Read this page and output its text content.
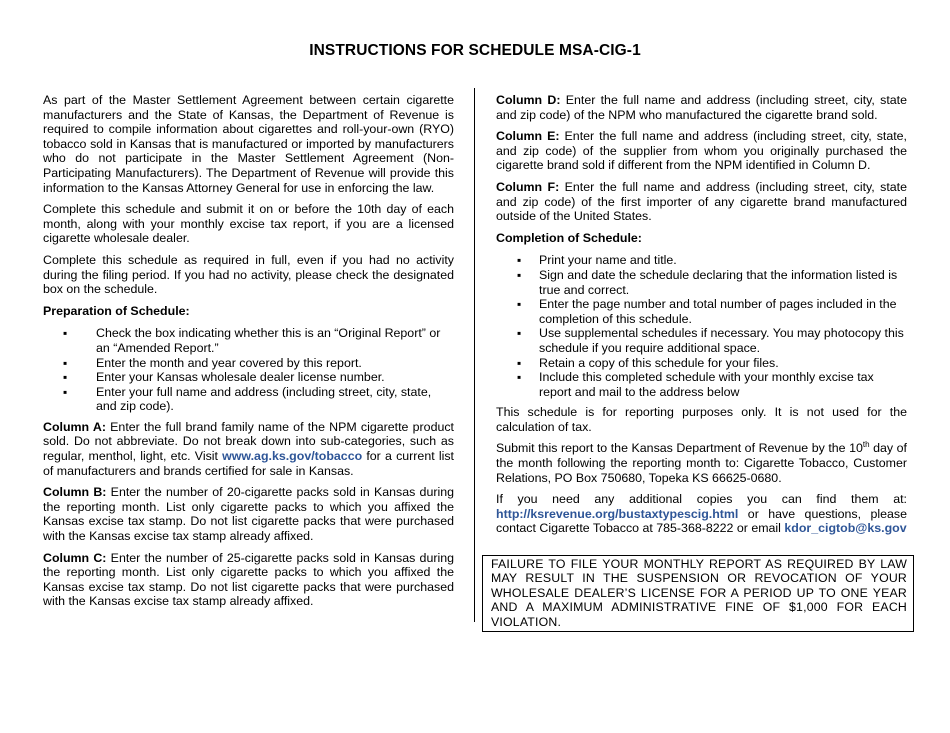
INSTRUCTIONS FOR SCHEDULE MSA-CIG-1

As part of the Master Settlement Agreement between certain cigarette manufacturers and the State of Kansas, the Department of Revenue is required to compile information about cigarettes and roll-your-own (RYO) tobacco sold in Kansas that is manufactured or imported by manufacturers who do not participate in the Master Settlement Agreement (Non-Participating Manufacturers). The Department of Revenue will provide this information to the Kansas Attorney General for use in enforcing the law.

Complete this schedule and submit it on or before the 10th day of each month, along with your monthly excise tax report, if you are a licensed cigarette wholesale dealer.

Complete this schedule as required in full, even if you had no activity during the filing period. If you had no activity, please check the designated box on the schedule.

Preparation of Schedule:

▪ Check the box indicating whether this is an “Original Report” or an “Amended Report.”
▪ Enter the month and year covered by this report.
▪ Enter your Kansas wholesale dealer license number.
▪ Enter your full name and address (including street, city, state, and zip code).

Column A: Enter the full brand family name of the NPM cigarette product sold. Do not abbreviate. Do not break down into sub-categories, such as regular, menthol, light, etc. Visit www.ag.ks.gov/tobacco for a current list of manufacturers and brands certified for sale in Kansas.

Column B: Enter the number of 20-cigarette packs sold in Kansas during the reporting month. List only cigarette packs to which you affixed the Kansas excise tax stamp. Do not list cigarette packs that were purchased with the Kansas excise tax stamp already affixed.

Column C: Enter the number of 25-cigarette packs sold in Kansas during the reporting month. List only cigarette packs to which you affixed the Kansas excise tax stamp. Do not list cigarette packs that were purchased with the Kansas excise tax stamp already affixed.

Column D: Enter the full name and address (including street, city, state and zip code) of the NPM who manufactured the cigarette brand sold.

Column E: Enter the full name and address (including street, city, state, and zip code) of the supplier from whom you originally purchased the cigarette brand sold if different from the NPM identified in Column D.

Column F: Enter the full name and address (including street, city, state and zip code) of the first importer of any cigarette brand manufactured outside of the United States.

Completion of Schedule:

▪ Print your name and title.
▪ Sign and date the schedule declaring that the information listed is true and correct.
▪ Enter the page number and total number of pages included in the completion of this schedule.
▪ Use supplemental schedules if necessary. You may photocopy this schedule if you require additional space.
▪ Retain a copy of this schedule for your files.
▪ Include this completed schedule with your monthly excise tax report and mail to the address below

This schedule is for reporting purposes only. It is not used for the calculation of tax.

Submit this report to the Kansas Department of Revenue by the 10th day of the month following the reporting month to: Cigarette Tobacco, Customer Relations, PO Box 750680, Topeka KS 66625-0680.

If you need any additional copies you can find them at: http://ksrevenue.org/bustaxtypescig.html or have questions, please contact Cigarette Tobacco at 785-368-8222 or email kdor_cigtob@ks.gov

FAILURE TO FILE YOUR MONTHLY REPORT AS REQUIRED BY LAW MAY RESULT IN THE SUSPENSION OR REVOCATION OF YOUR WHOLESALE DEALER’S LICENSE FOR A PERIOD UP TO ONE YEAR AND A MAXIMUM ADMINISTRATIVE FINE OF $1,000 FOR EACH VIOLATION.
